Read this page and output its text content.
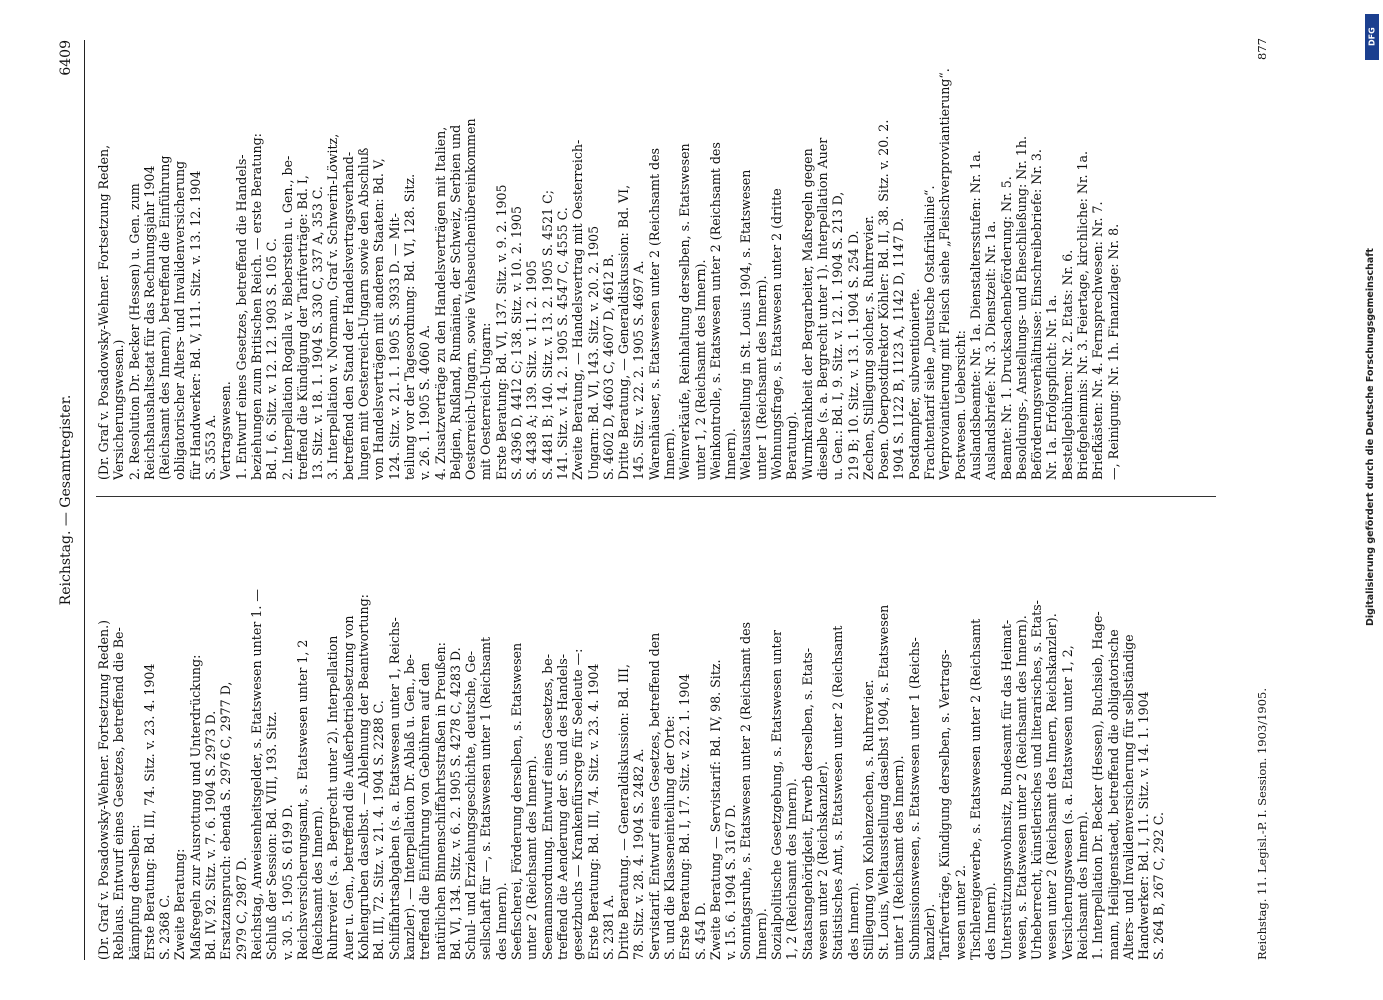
Reichstag. — Gesamtregister.
6409
(Dr. Graf v. Posadowsky-Wehner. Fortsetzung Reden.) Reblaus. Entwurf eines Gesetzes, betreffend die Be- kämpfung derselben: Erste Beratung: Bd. III, 74. Sitz. v. 23. 4. 1904 S. 2368 C. Zweite Beratung: Maßregeln zur Ausrottung und Unterdrückung: Bd. IV, 92. Sitz. v. 7. 6. 1904 S. 2973 D. Ersatzanspruch: ebenda S. 2976 C, 2977 D, 2979 C, 2987 D. Reichstag, Anweisenheitsgelder, s. Etatswesen unter 1. — Schluß der Session: Bd. VIII, 193. Sitz. v. 30. 5. 1905 S. 6199 D. Reichsversicherungsamt, s. Etatswesen unter 1, 2 (Reichsamt des Innern). Ruhrrevier (s. a. Bergrecht unter 2). Interpellation Auer u. Gen., betreffend die Außerbetriebsetzung von Kohlengruben daselbst. — Ablehnung der Beantwortung: Bd. III, 72. Sitz. v. 21. 4. 1904 S. 2288 C. Schiffahrtsabgaben (s. a. Etatswesen unter 1, Reichs- kanzler). — Interpellation Dr. Ablaß u. Gen., be- treffend die Einführung von Gebühren auf den natürlichen Binnenschiffahrtsstraßen in Preußen: Bd. VI, 134. Sitz. v. 6. 2. 1905 S. 4278 C, 4283 D. Schul- und Erziehungsgeschichte, deutsche, Ge- sellschaft für —, s. Etatswesen unter 1 (Reichsamt des Innern). Seefischerei, Förderung derselben, s. Etatswesen unter 2 (Reichsamt des Innern). Seemannsordnung. Entwurf eines Gesetzes, be- treffend die Aenderung der S. und des Handels- gesetzbuchs — Krankenfürsorge für Seeleute —: Erste Beratung: Bd. III, 74. Sitz. v. 23. 4. 1904 S. 2381 A. Dritte Beratung. — Generaldiskussion: Bd. III, 78. Sitz. v. 28. 4. 1904 S. 2482 A. Servistarif. Entwurf eines Gesetzes, betreffend den S. und die Klasseneinteilung der Orte: Erste Beratung: Bd. I, 17. Sitz. v. 22. 1. 1904 S. 454 D. Zweite Beratung — Servistarif: Bd. IV, 98. Sitz. v. 15. 6. 1904 S. 3167 D. Sonntagsruhe, s. Etatswesen unter 2 (Reichsamt des Innern). Sozialpolitische Gesetzgebung, s. Etatswesen unter 1, 2 (Reichsamt des Innern). Staatsangehörigkeit, Erwerb derselben, s. Etats- wesen unter 2 (Reichskanzler). Statistisches Amt, s. Etatswesen unter 2 (Reichsamt des Innern). Stillegung von Kohlenzechen, s. Ruhrrevier. St. Louis, Weltausstellung daselbst 1904, s. Etatswesen unter 1 (Reichsamt des Innern). Submissionswesen, s. Etatswesen unter 1 (Reichs- kanzler). Tarifverträge, Kündigung derselben, s. Vertrags- wesen unter 2. Tischlereigewerbe, s. Etatswesen unter 2 (Reichsamt des Innern). Unterstützungswohnsitz, Bundesamt für das Heimat- wesen, s. Etatswesen unter 2 (Reichsamt des Innern). Urheberrecht, künstlerisches und literarisches, s. Etats- wesen unter 2 (Reichsamt des Innern, Reichskanzler). Versicherungswesen (s. a. Etatswesen unter 1, 2, Reichsamt des Innern). 1. Interpellation Dr. Becker (Hessen), Buchsieb, Hage- mann, Heiligenstaedt, betreffend die obligatorische Alters- und Invalidenversicherung für selbständige Handwerker: Bd. I, 11. Sitz. v. 14. 1. 1904 S. 264 B, 267 C, 292 C.
(Dr. Graf v. Posadowsky-Wehner. Fortsetzung Reden, Versicherungswesen.) 2. Resolution Dr. Becker (Hessen) u. Gen. zum Reichshaushaltsetat für das Rechnungsjahr 1904 (Reichsamt des Innern), betreffend die Einführung obligatorischer Alters- und Invalidenversicherung für Handwerker: Bd. V, 111. Sitz. v. 13. 12. 1904 S. 3553 A. Vertragswesen. 1. Entwurf eines Gesetzes, betreffend die Handels- beziehungen zum Britischen Reich. — erste Beratung: Bd. I, 6. Sitz. v. 12. 12. 1903 S. 105 C. 2. Interpellation Rogalla v. Bieberstein u. Gen., be- treffend die Kündigung der Tarifverträge: Bd. I, 13. Sitz. v. 18. 1. 1904 S. 330 C, 337 A, 353 C. 3. Interpellation v. Normann, Graf v. Schwerin-Löwitz, betreffend den Stand der Handelsvertragsverhand- lungen mit Oesterreich-Ungarn sowie den Abschluß von Handelsverträgen mit anderen Staaten: Bd. V, 124. Sitz. v. 21. 1. 1905 S. 3933 D. — Mit- teilung vor der Tagesordnung: Bd. VI, 128. Sitz. v. 26. 1. 1905 S. 4060 A. 4. Zusatzverträge zu den Handelsverträgen mit Italien, Belgien, Rußland, Rumänien, der Schweiz, Serbien und Oesterreich-Ungarn, sowie Viehseuchenübereinkommen mit Oesterreich-Ungarn: Erste Beratung: Bd. VI, 137. Sitz. v. 9. 2. 1905 S. 4396 D, 4412 C; 138. Sitz. v. 10. 2. 1905 S. 4438 A; 139. Sitz. v. 11. 2. 1905 S. 4481 B; 140. Sitz. v. 13. 2. 1905 S. 4521 C; 141. Sitz. v. 14. 2. 1905 S. 4547 C, 4555 C. Zweite Beratung, — Handelsvertrag mit Oesterreich- Ungarn: Bd. VI, 143. Sitz. v. 20. 2. 1905 S. 4602 D, 4603 C, 4607 D, 4612 B. Dritte Beratung, — Generaldiskussion: Bd. VI, 145. Sitz. v. 22. 2. 1905 S. 4697 A. Warenhäuser, s. Etatswesen unter 2 (Reichsamt des Innern). Weinverkäufe, Reinhaltung derselben, s. Etatswesen unter 1, 2 (Reichsamt des Innern). Weinkontrolle, s. Etatswesen unter 2 (Reichsamt des Innern). Weltausstellung in St. Louis 1904, s. Etatswesen unter 1 (Reichsamt des Innern). Wohnungsfrage, s. Etatswesen unter 2 (dritte Beratung). Wurmkrankheit der Bergarbeiter, Maßregeln gegen dieselbe (s. a. Bergrecht unter 1). Interpellation Auer u. Gen.: Bd. I, 9. Sitz. v. 12. 1. 1904 S. 213 D, 219 B; 10. Sitz. v. 13. 1. 1904 S. 254 D. Zechen, Stillegung solcher, s. Ruhrrevier. Posen. Oberpostdirektor Köhler: Bd. II, 38. Sitz. v. 20. 2. 1904 S. 1122 B, 1123 A, 1142 D, 1147 D. Postdampfer, subventionierte. Frachtentarif siehe „Deutsche Ostafrikalinie“. Verproviantierung mit Fleisch siehe „Fleischverproviantierung“. Postwesen. Uebersicht: Auslandsbeamte: Nr. 1a. Dienstaltersstufen: Nr. 1a. Auslandsbriefe: Nr. 3. Dienstzeit: Nr. 1a. Beamte: Nr. 1. Drucksachenbeförderung: Nr. 5. Besoldungs-, Anstellungs- und Eheschließung: Nr. 1h. Beförderungsverhältnisse: Einschreibebriefe: Nr. 3. Nr. 1a. Erfolgspflicht: Nr. 1a. Bestellgebühren: Nr. 2. Etats: Nr. 6. Briefgeheimnis: Nr. 3. Feiertage, kirchliche: Nr. 1a. Briefkästen: Nr. 4. Fernsprechwesen: Nr. 7. —, Reinigung: Nr. 1h. Finanzlage: Nr. 8.
Reichstag. 11. Legisl.-P. I. Session. 1903/1905.
877
DFG
Digitalisierung gefördert durch die Deutsche Forschungsgemeinschaft
